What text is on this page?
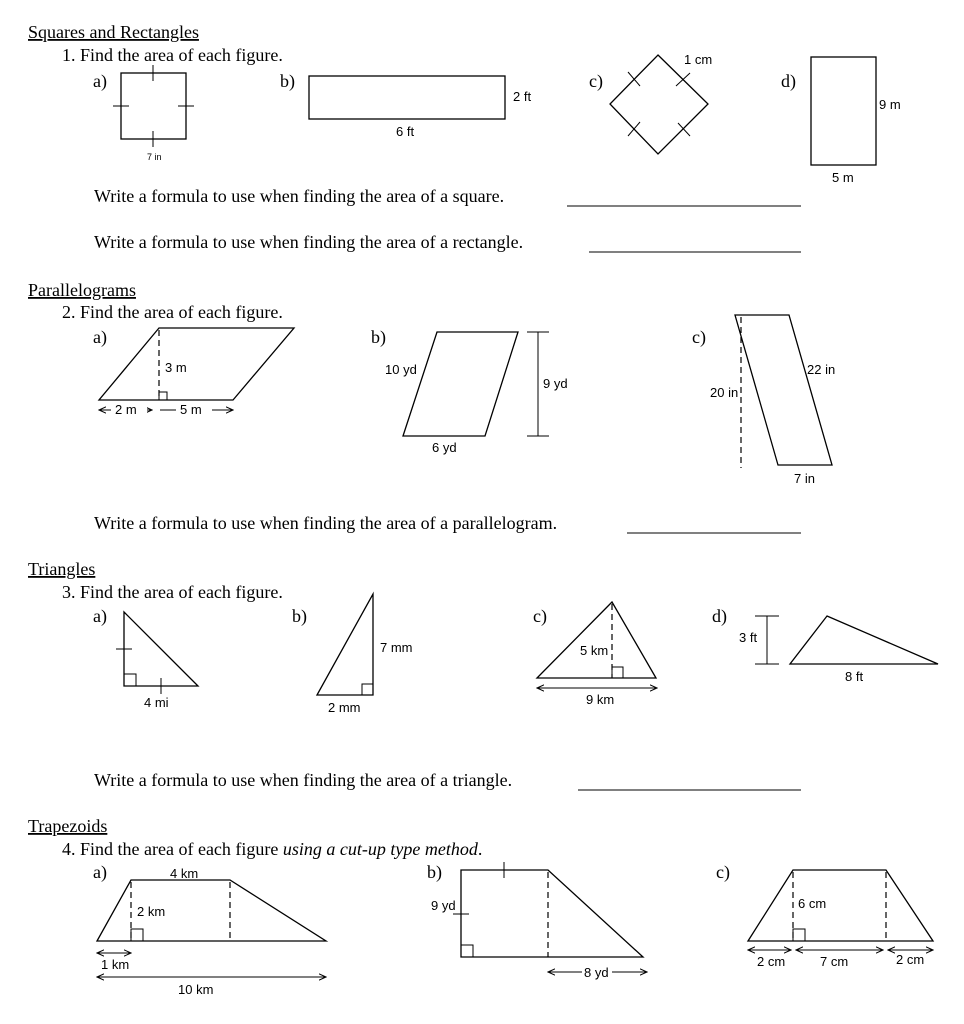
Squares and Rectangles
1. Find the area of each figure.
a)
7 in
b)
2 ft
6 ft
c)
1 cm
d)
9 m
5 m
Write a formula to use when finding the area of a square.
Write a formula to use when finding the area of a rectangle.
Parallelograms
2. Find the area of each figure.
a)
3 m
2 m	5 m
b)
10 yd
9 yd
6 yd
c)
20 in
22 in
7 in
Write a formula to use when finding the area of a parallelogram.
Triangles
3. Find the area of each figure.
a)
4 mi
b)
7 mm
2 mm
c)
5 km
9 km
d)
3 ft
8 ft
Write a formula to use when finding the area of a triangle.
Trapezoids
4. Find the area of each figure using a cut-up type method.
a)	4 km
2 km
1 km
10 km
b)
9 yd
8 yd
c)
6 cm
2 cm	7 cm	2 cm
